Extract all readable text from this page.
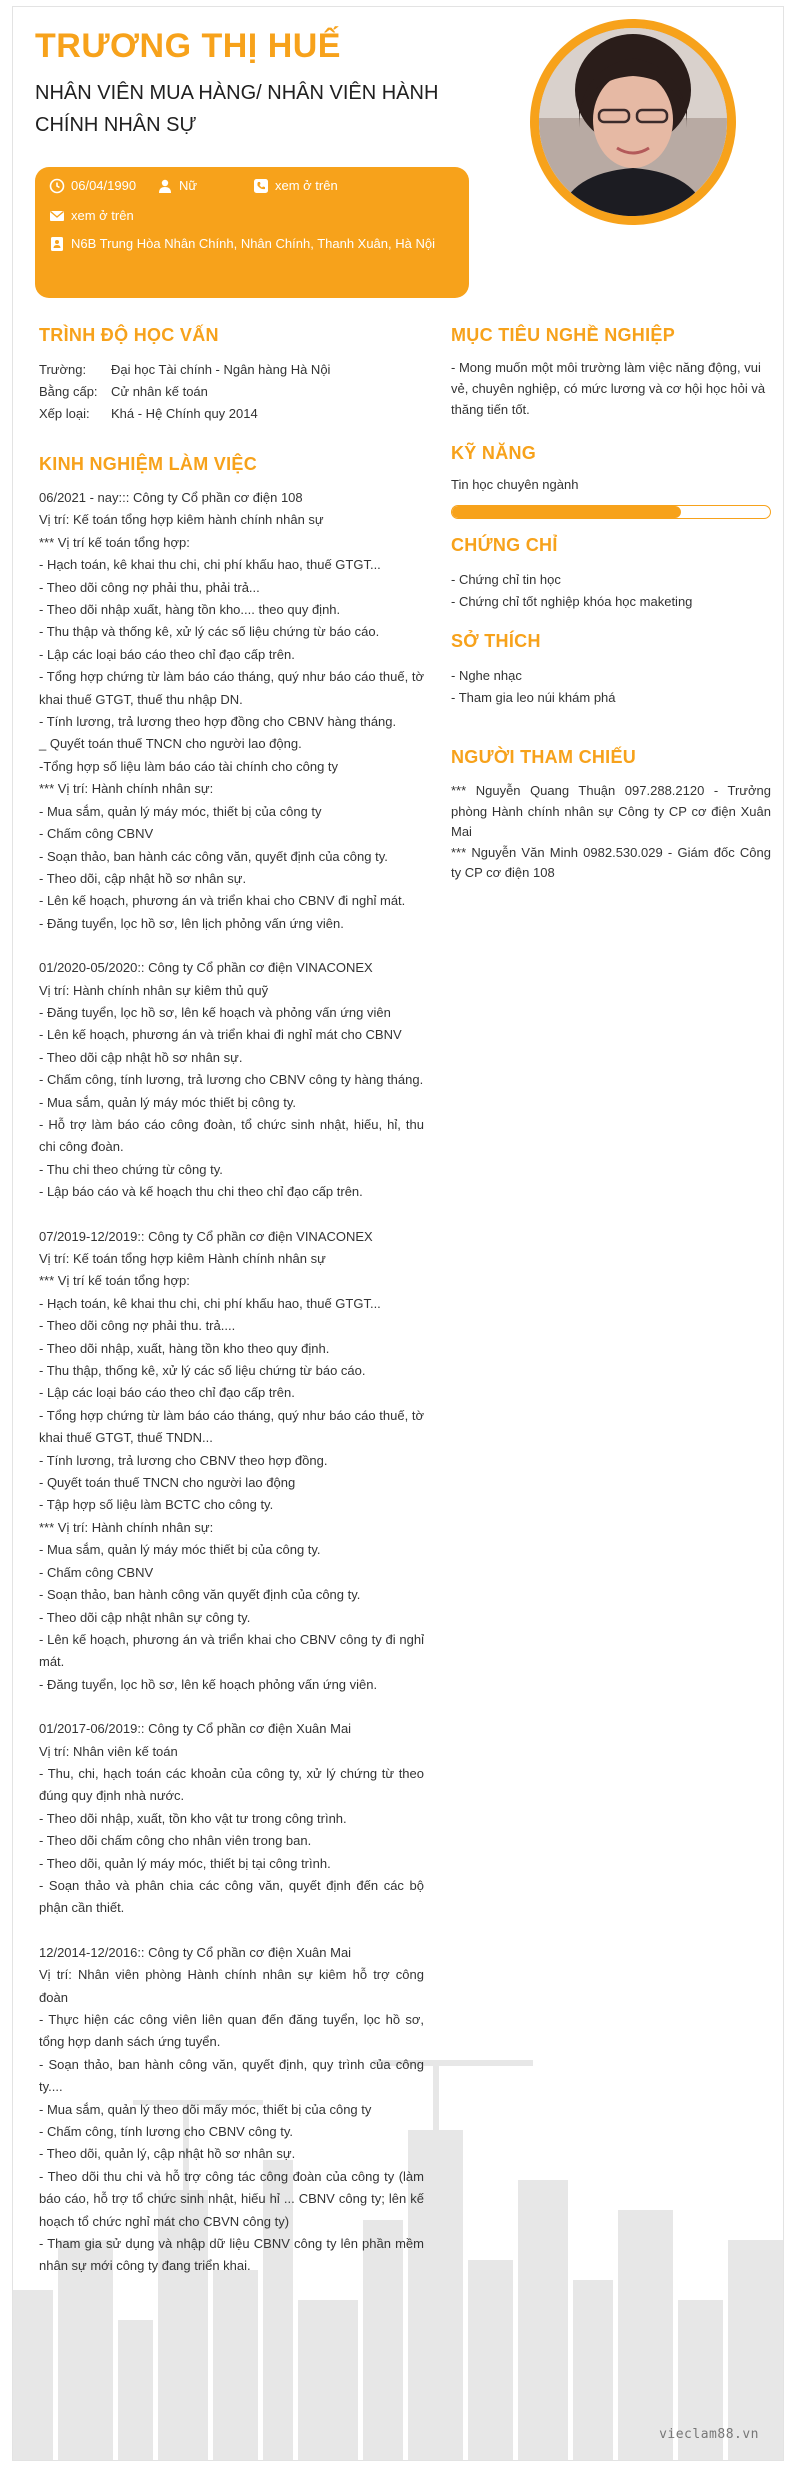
TRƯƠNG THỊ HUẾ
NHÂN VIÊN MUA HÀNG/ NHÂN VIÊN HÀNH CHÍNH NHÂN SỰ
06/04/1990	Nữ	xem ở trên
xem ở trên
N6B Trung Hòa Nhân Chính, Nhân Chính, Thanh Xuân, Hà Nội
TRÌNH ĐỘ HỌC VẤN
Trường:	Đại học Tài chính - Ngân hàng Hà Nội
Bằng cấp:	Cử nhân kế toán
Xếp loại:	Khá - Hệ Chính quy 2014
KINH NGHIỆM LÀM VIỆC
06/2021 - nay::: Công ty Cổ phần cơ điện 108
Vị trí: Kế toán tổng hợp kiêm hành chính nhân sự
*** Vị trí kế toán tổng hợp:
- Hạch toán, kê khai thu chi, chi phí khấu hao, thuế GTGT...
- Theo dõi công nợ phải thu, phải trả...
- Theo dõi nhập xuất, hàng tồn kho.... theo quy định.
- Thu thập và thống kê, xử lý các số liệu chứng từ báo cáo.
- Lập các loại báo cáo theo chỉ đạo cấp trên.
- Tổng hợp chứng từ làm báo cáo tháng, quý như báo cáo thuế, tờ khai thuế GTGT, thuế thu nhập DN.
- Tính lương, trả lương theo hợp đồng cho CBNV hàng tháng.
_ Quyết toán thuế TNCN cho người lao động.
-Tổng hợp số liệu làm báo cáo tài chính cho công ty
*** Vị trí: Hành chính nhân sự:
- Mua sắm, quản lý máy móc, thiết bị của công ty
- Chấm công CBNV
- Soạn thảo, ban hành các công văn, quyết định của công ty.
- Theo dõi, cập nhật hồ sơ nhân sự.
- Lên kế hoạch, phương án và triển khai cho CBNV đi nghỉ mát.
- Đăng tuyển, lọc hồ sơ, lên lịch phỏng vấn ứng viên.
01/2020-05/2020:: Công ty Cổ phần cơ điện VINACONEX
Vị trí: Hành chính nhân sự kiêm thủ quỹ
- Đăng tuyển, lọc hồ sơ, lên kế hoạch và phỏng vấn ứng viên
- Lên kế hoạch, phương án và triển khai đi nghỉ mát cho CBNV
- Theo dõi cập nhật hồ sơ nhân sự.
- Chấm công, tính lương, trả lương cho CBNV công ty hàng tháng.
- Mua sắm, quản lý máy móc thiết bị công ty.
- Hỗ trợ làm báo cáo công đoàn, tổ chức sinh nhật, hiếu, hỉ, thu chi công đoàn.
- Thu chi theo chứng từ công ty.
- Lập báo cáo và kế hoạch thu chi theo chỉ đạo cấp trên.
07/2019-12/2019:: Công ty Cổ phần cơ điện VINACONEX
Vị trí: Kế toán tổng hợp kiêm Hành chính nhân sự
*** Vị trí kế toán tổng hợp:
- Hạch toán, kê khai thu chi, chi phí khấu hao, thuế GTGT...
- Theo dõi công nợ phải thu. trả....
- Theo dõi nhập, xuất, hàng tồn kho theo quy định.
- Thu thập, thống kê, xử lý các số liệu chứng từ báo cáo.
- Lập các loại báo cáo theo chỉ đạo cấp trên.
- Tổng hợp chứng từ làm báo cáo tháng, quý như báo cáo thuế, tờ khai thuế GTGT, thuế TNDN...
- Tính lương, trả lương cho CBNV theo hợp đồng.
- Quyết toán thuế TNCN cho người lao động
- Tập hợp số liệu làm BCTC cho công ty.
*** Vị trí: Hành chính nhân sự:
- Mua sắm, quản lý máy móc thiết bị của công ty.
- Chấm công CBNV
- Soạn thảo, ban hành công văn quyết định của công ty.
- Theo dõi cập nhật nhân sự công ty.
- Lên kế hoạch, phương án và triển khai cho CBNV công ty đi nghỉ mát.
- Đăng tuyển, lọc hồ sơ, lên kế hoạch phỏng vấn ứng viên.
01/2017-06/2019:: Công ty Cổ phần cơ điện Xuân Mai
Vị trí: Nhân viên kế toán
- Thu, chi, hạch toán các khoản của công ty, xử lý chứng từ theo đúng quy định nhà nước.
- Theo dõi nhập, xuất, tồn kho vật tư trong công trình.
- Theo dõi chấm công cho nhân viên trong ban.
- Theo dõi, quản lý máy móc, thiết bị tại công trình.
- Soạn thảo và phân chia các công văn, quyết định đến các bộ phận cần thiết.
12/2014-12/2016:: Công ty Cổ phần cơ điện Xuân Mai
Vị trí: Nhân viên phòng Hành chính nhân sự kiêm hỗ trợ công đoàn
- Thực hiện các công viên liên quan đến đăng tuyển, lọc hồ sơ, tổng hợp danh sách ứng tuyển.
- Soạn thảo, ban hành công văn, quyết định, quy trình của công ty....
- Mua sắm, quản lý theo dõi mấy móc, thiết bị của công ty
- Chấm công, tính lương cho CBNV công ty.
- Theo dõi, quản lý, cập nhật hồ sơ nhân sự.
- Theo dõi thu chi và hỗ trợ công tác công đoàn của công ty (làm báo cáo, hỗ trợ tổ chức sinh nhật, hiếu hỉ ... CBNV công ty; lên kế hoạch tổ chức nghỉ mát cho CBVN công ty)
- Tham gia sử dụng và nhập dữ liệu CBNV công ty lên phần mềm nhân sự mới công ty đang triển khai.
MỤC TIÊU NGHỀ NGHIỆP
- Mong muốn một môi trường làm việc năng động, vui vẻ, chuyên nghiệp, có mức lương và cơ hội học hỏi và thăng tiến tốt.
KỸ NĂNG
Tin học chuyên ngành
CHỨNG CHỈ
- Chứng chỉ tin học
- Chứng chỉ tốt nghiệp khóa học maketing
SỞ THÍCH
- Nghe nhạc
- Tham gia leo núi khám phá
NGƯỜI THAM CHIẾU
*** Nguyễn Quang Thuận 097.288.2120 - Trưởng phòng Hành chính nhân sự Công ty CP cơ điện Xuân Mai
*** Nguyễn Văn Minh 0982.530.029 - Giám đốc Công ty CP cơ điện 108
vieclam88.vn
